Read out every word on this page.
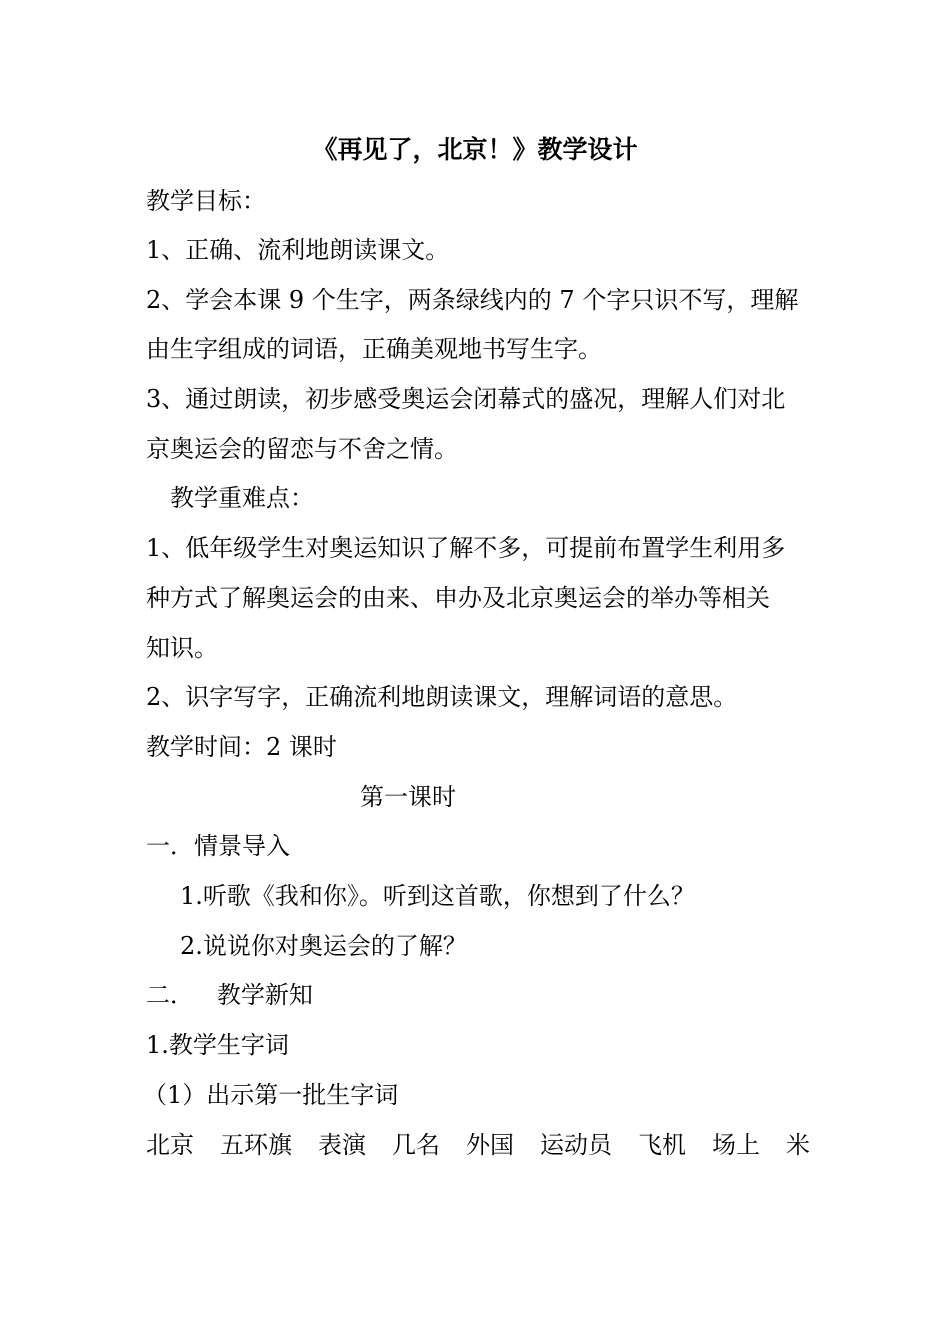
《再见了，北京！》教学设计

教学目标：

1、正确、流利地朗读课文。

2、学会本课 9 个生字，两条绿线内的 7 个字只识不写，理解

由生字组成的词语，正确美观地书写生字。

3、通过朗读，初步感受奥运会闭幕式的盛况，理解人们对北

京奥运会的留恋与不舍之情。

教学重难点：

1、低年级学生对奥运知识了解不多，可提前布置学生利用多

种方式了解奥运会的由来、申办及北京奥运会的举办等相关

知识。

2、识字写字，正确流利地朗读课文，理解词语的意思。

教学时间：2 课时

第一课时

一．情景导入

1.听歌《我和你》。听到这首歌，你想到了什么？

2.说说你对奥运会的了解？

二．   教学新知

1.教学生字词

（1）出示第一批生字词

北京 五环旗 表演 几名 外国 运动员 飞机 场上 米
